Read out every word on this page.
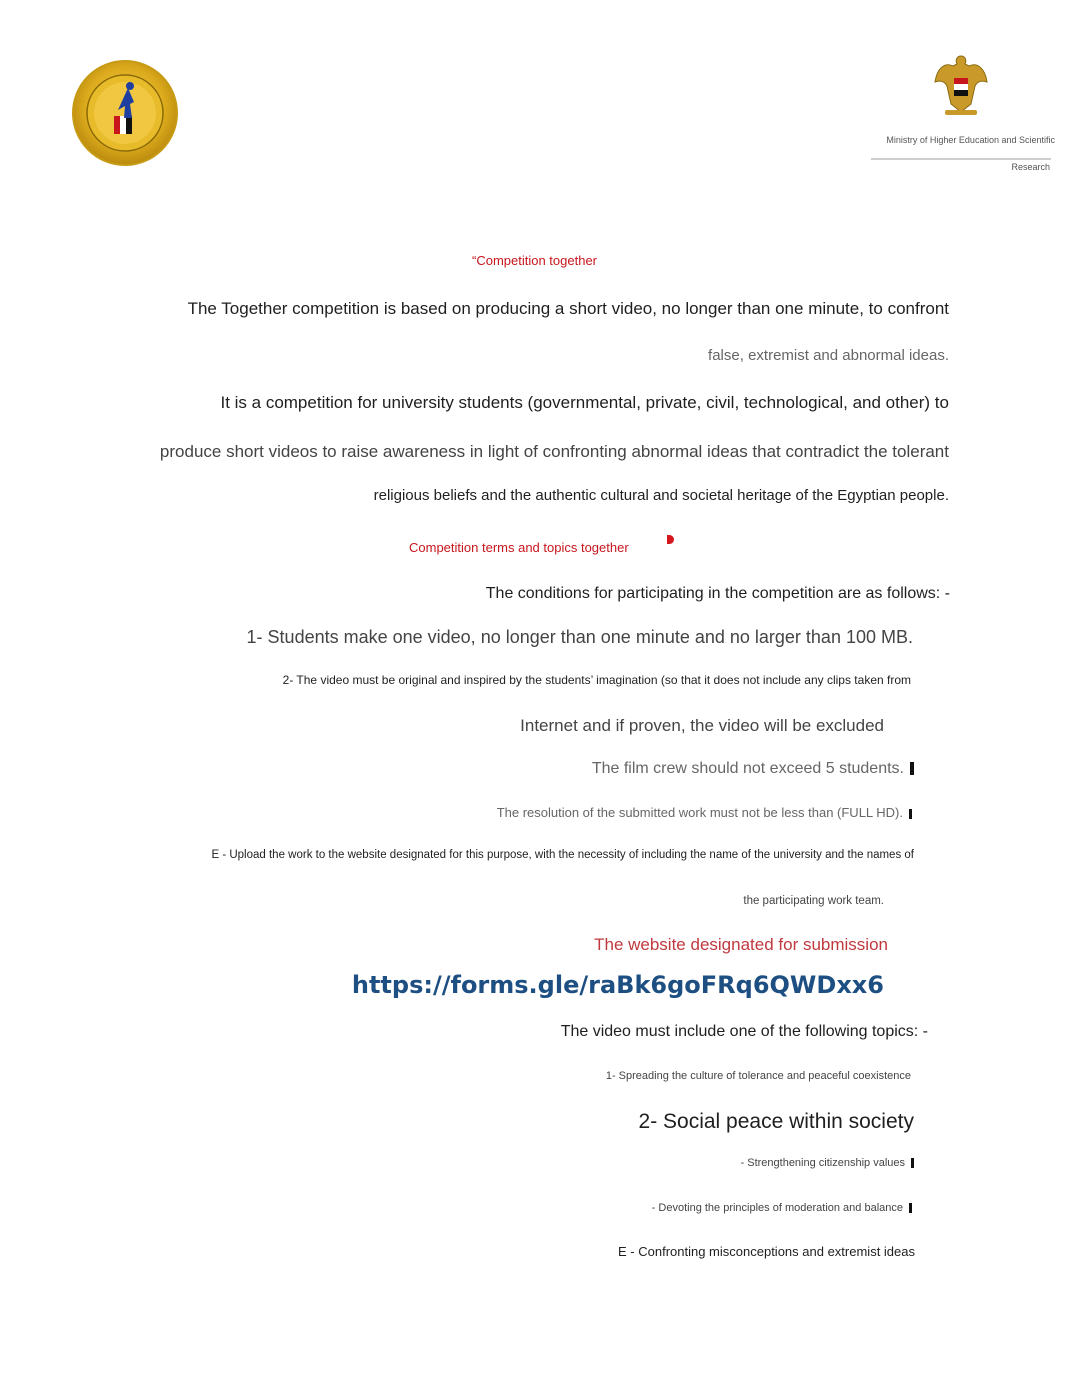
Ministry of Higher Education and Scientific
Research
“Competition together
The Together competition is based on producing a short video, no longer than one minute, to confront
false, extremist and abnormal ideas.
It is a competition for university students (governmental, private, civil, technological, and other) to
produce short videos to raise awareness in light of confronting abnormal ideas that contradict the tolerant
religious beliefs and the authentic cultural and societal heritage of the Egyptian people.
Competition terms and topics together
The conditions for participating in the competition are as follows: -
1- Students make one video, no longer than one minute and no larger than 100 MB.
2- The video must be original and inspired by the students’ imagination (so that it does not include any clips taken from
Internet and if proven, the video will be excluded
The film crew should not exceed 5 students.
The resolution of the submitted work must not be less than (FULL HD).
E - Upload the work to the website designated for this purpose, with the necessity of including the name of the university and the names of
the participating work team.
The website designated for submission
https://forms.gle/raBk6goFRq6QWDxx6
The video must include one of the following topics: -
1- Spreading the culture of tolerance and peaceful coexistence
2- Social peace within society
- Strengthening citizenship values
- Devoting the principles of moderation and balance
E - Confronting misconceptions and extremist ideas
